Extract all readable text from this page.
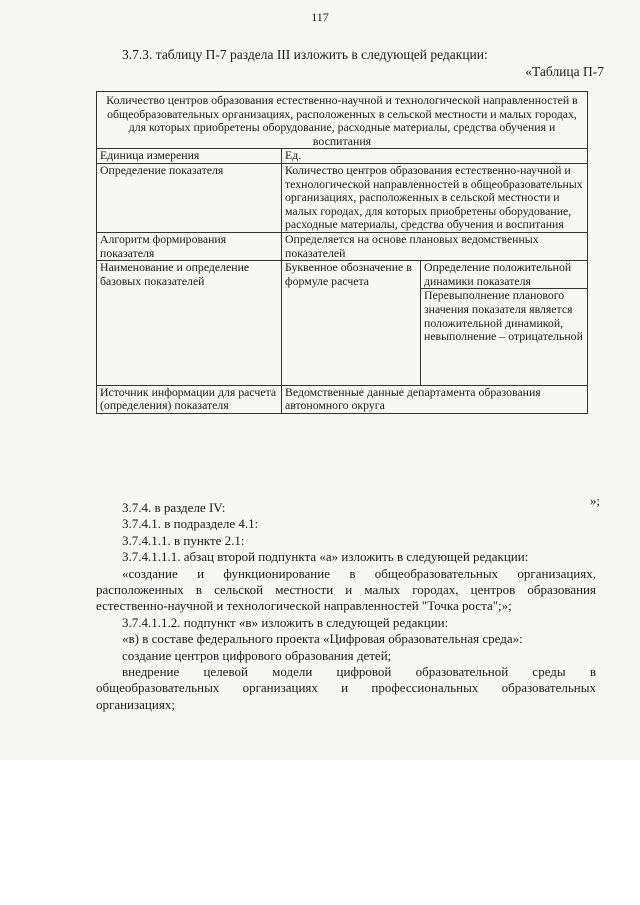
117
3.7.3. таблицу П-7 раздела III изложить в следующей редакции:
«Таблица П-7
Количество центров образования естественно-научной и технологической направленностей в общеобразовательных организациях, расположенных в сельской местности и малых городах, для которых приобретены оборудование, расходные материалы, средства обучения и воспитания		
Единица измерения	Ед.	
Определение показателя	Количество центров образования естественно-научной и технологической направленностей в общеобразовательных организациях, расположенных в сельской местности и малых городах, для которых приобретены оборудование, расходные материалы, средства обучения и воспитания	
Алгоритм формирования показателя	Определяется на основе плановых ведомственных показателей	
Наименование и определение базовых показателей	Буквенное обозначение в формуле расчета	Определение положительной динамики показателя
		Перевыполнение планового значения показателя является положительной динамикой, невыполнение – отрицательной
Источник информации для расчета (определения) показателя	Ведомственные данные департамента образования автономного округа	
»;

3.7.4. в разделе IV:

3.7.4.1. в подразделе 4.1:

3.7.4.1.1. в пункте 2.1:

3.7.4.1.1.1. абзац второй подпункта «а» изложить в следующей редакции:

«создание и функционирование в общеобразовательных организациях, расположенных в сельской местности и малых городах, центров образования естественно-научной и технологической направленностей "Точка роста";»;

3.7.4.1.1.2. подпункт «в» изложить в следующей редакции:

«в) в составе федерального проекта «Цифровая образовательная среда»:

создание центров цифрового образования детей;

внедрение целевой модели цифровой образовательной среды в общеобразовательных организациях и профессиональных образовательных организациях;
